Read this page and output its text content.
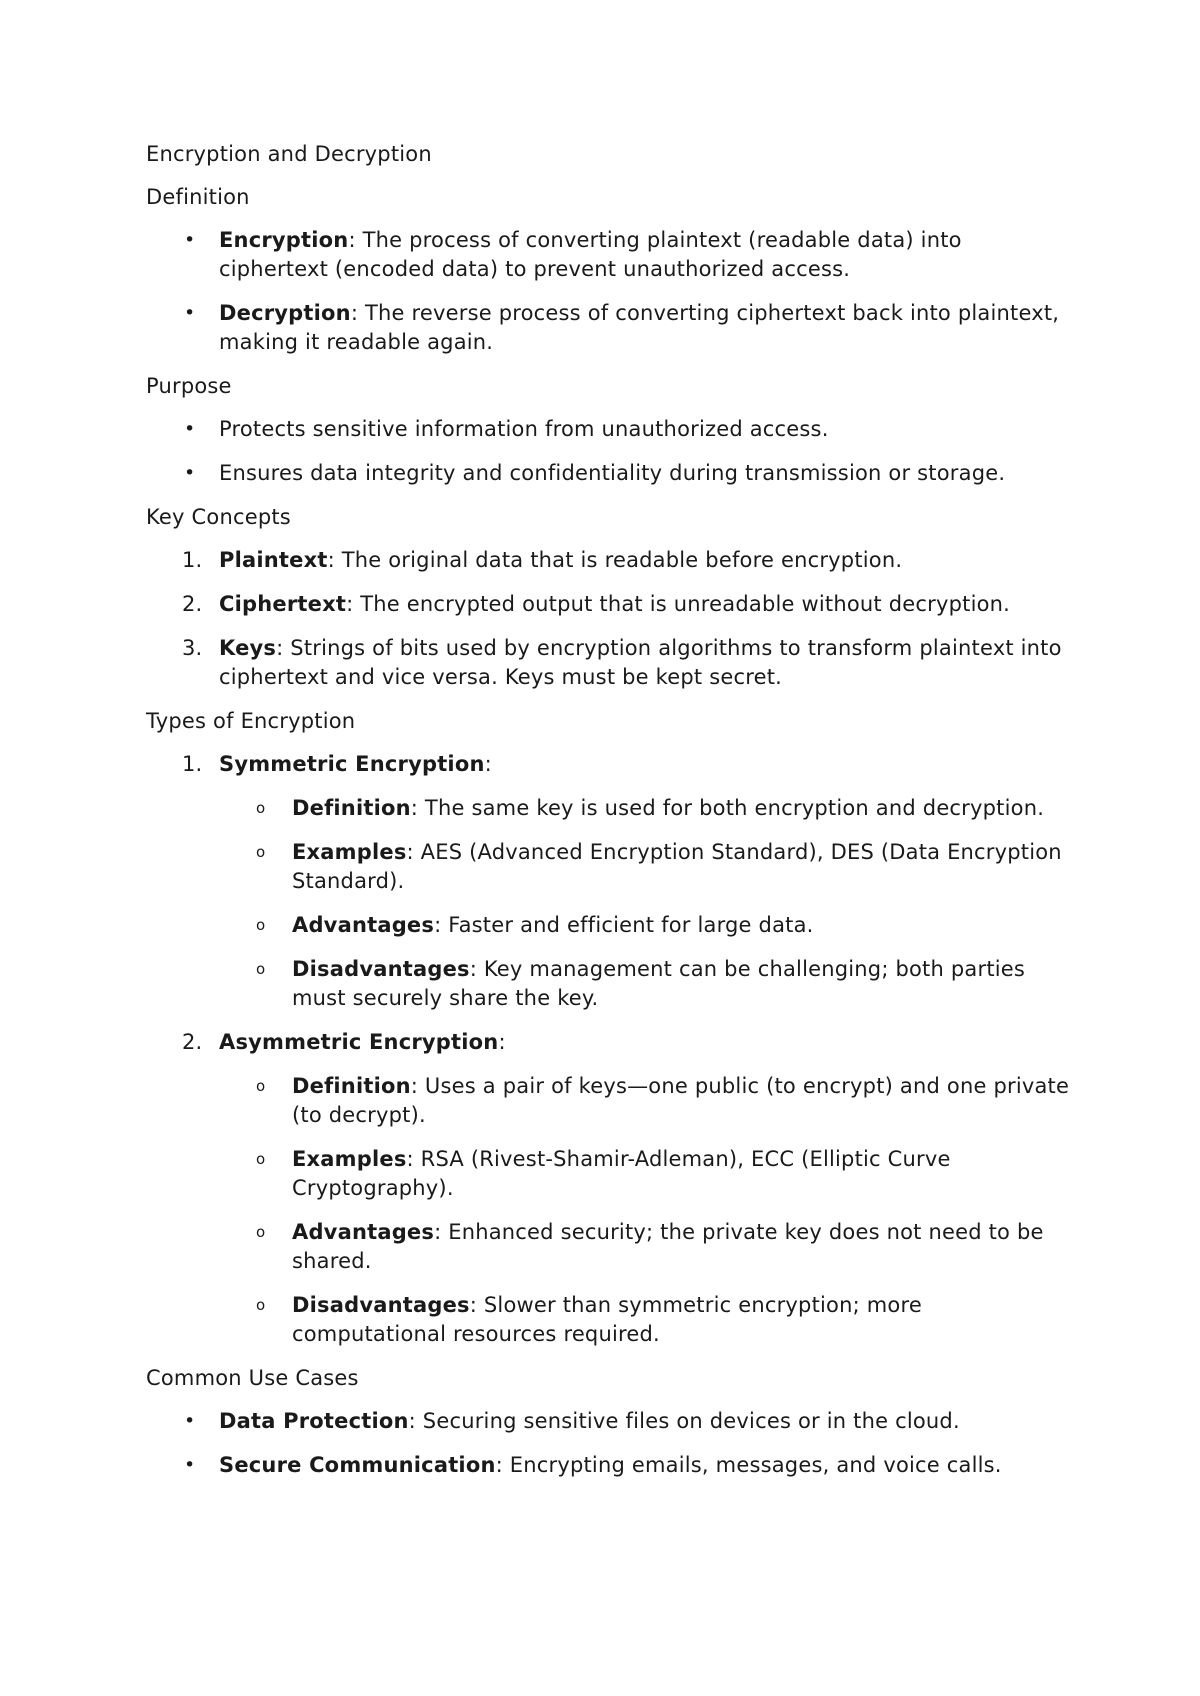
Encryption and Decryption
Definition
• Encryption: The process of converting plaintext (readable data) into ciphertext (encoded data) to prevent unauthorized access.
• Decryption: The reverse process of converting ciphertext back into plaintext, making it readable again.
Purpose
• Protects sensitive information from unauthorized access.
• Ensures data integrity and confidentiality during transmission or storage.
Key Concepts
1. Plaintext: The original data that is readable before encryption.
2. Ciphertext: The encrypted output that is unreadable without decryption.
3. Keys: Strings of bits used by encryption algorithms to transform plaintext into ciphertext and vice versa. Keys must be kept secret.
Types of Encryption
1. Symmetric Encryption:
o Definition: The same key is used for both encryption and decryption.
o Examples: AES (Advanced Encryption Standard), DES (Data Encryption Standard).
o Advantages: Faster and efficient for large data.
o Disadvantages: Key management can be challenging; both parties must securely share the key.
2. Asymmetric Encryption:
o Definition: Uses a pair of keys—one public (to encrypt) and one private (to decrypt).
o Examples: RSA (Rivest-Shamir-Adleman), ECC (Elliptic Curve Cryptography).
o Advantages: Enhanced security; the private key does not need to be shared.
o Disadvantages: Slower than symmetric encryption; more computational resources required.
Common Use Cases
• Data Protection: Securing sensitive files on devices or in the cloud.
• Secure Communication: Encrypting emails, messages, and voice calls.
